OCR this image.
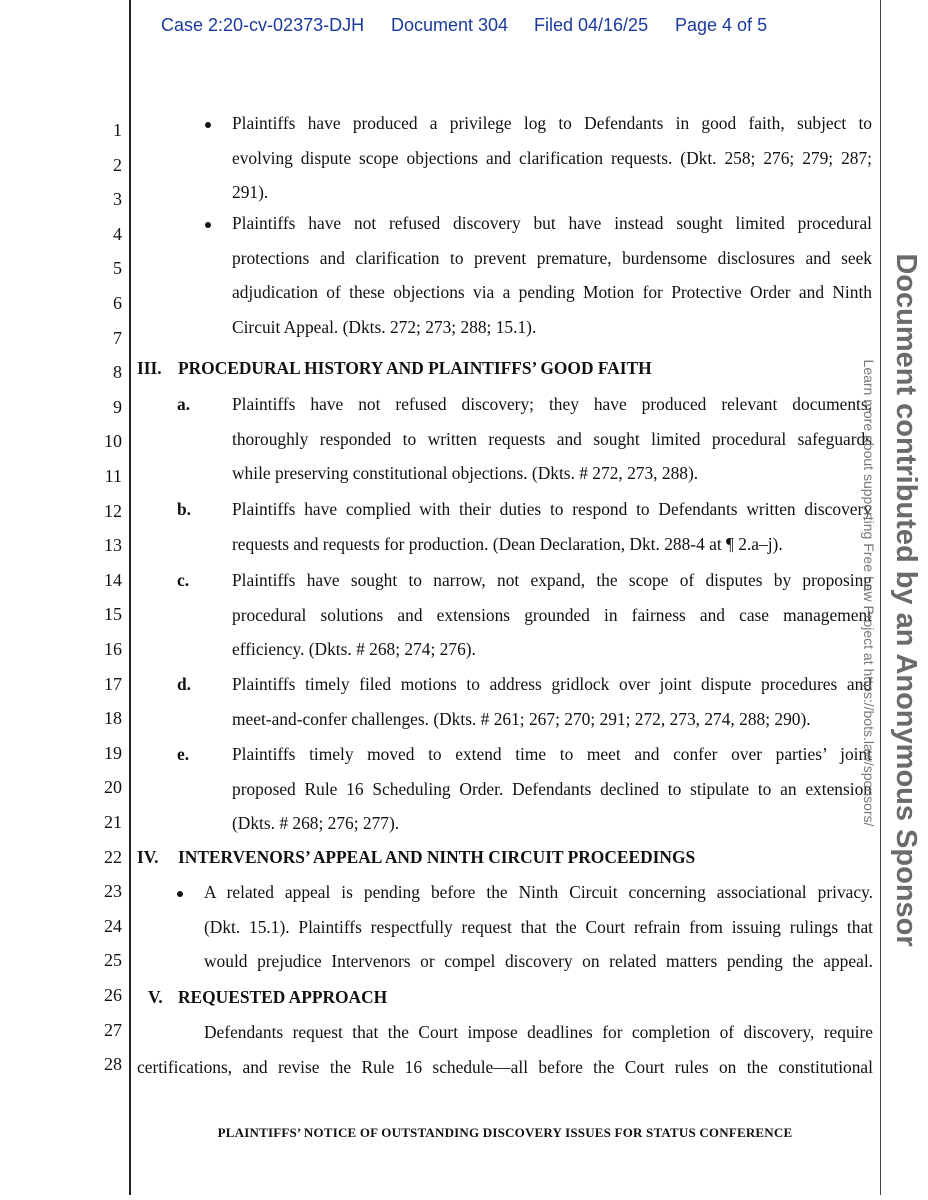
Case 2:20-cv-02373-DJH Document 304 Filed 04/16/25 Page 4 of 5
1
2
3
4
5
6
7
8
9
10
11
12
13
14
15
16
17
18
19
20
21
22
23
24
25
26
27
28
Plaintiffs have produced a privilege log to Defendants in good faith, subject to
evolving dispute scope objections and clarification requests. (Dkt. 258; 276; 279; 287;
291).
Plaintiffs have not refused discovery but have instead sought limited procedural
protections and clarification to prevent premature, burdensome disclosures and seek
adjudication of these objections via a pending Motion for Protective Order and Ninth
Circuit Appeal. (Dkts. 272; 273; 288; 15.1).
III. PROCEDURAL HISTORY AND PLAINTIFFS’ GOOD FAITH
a. Plaintiffs have not refused discovery; they have produced relevant documents,
thoroughly responded to written requests and sought limited procedural safeguards
while preserving constitutional objections. (Dkts. # 272, 273, 288).
b. Plaintiffs have complied with their duties to respond to Defendants written discovery
requests and requests for production. (Dean Declaration, Dkt. 288-4 at ¶ 2.a–j).
c. Plaintiffs have sought to narrow, not expand, the scope of disputes by proposing
procedural solutions and extensions grounded in fairness and case management
efficiency. (Dkts. # 268; 274; 276).
d. Plaintiffs timely filed motions to address gridlock over joint dispute procedures and
meet-and-confer challenges. (Dkts. # 261; 267; 270; 291; 272, 273, 274, 288; 290).
e. Plaintiffs timely moved to extend time to meet and confer over parties’ joint
proposed Rule 16 Scheduling Order. Defendants declined to stipulate to an extension
(Dkts. # 268; 276; 277).
IV. INTERVENORS’ APPEAL AND NINTH CIRCUIT PROCEEDINGS
A related appeal is pending before the Ninth Circuit concerning associational privacy.
(Dkt. 15.1). Plaintiffs respectfully request that the Court refrain from issuing rulings that
would prejudice Intervenors or compel discovery on related matters pending the appeal.
V. REQUESTED APPROACH
Defendants request that the Court impose deadlines for completion of discovery, require
certifications, and revise the Rule 16 schedule—all before the Court rules on the constitutional
PLAINTIFFS’ NOTICE OF OUTSTANDING DISCOVERY ISSUES FOR STATUS CONFERENCE
Document contributed by an Anonymous Sponsor
Learn more about supporting Free Law Project at https://bots.law/sponsors/
